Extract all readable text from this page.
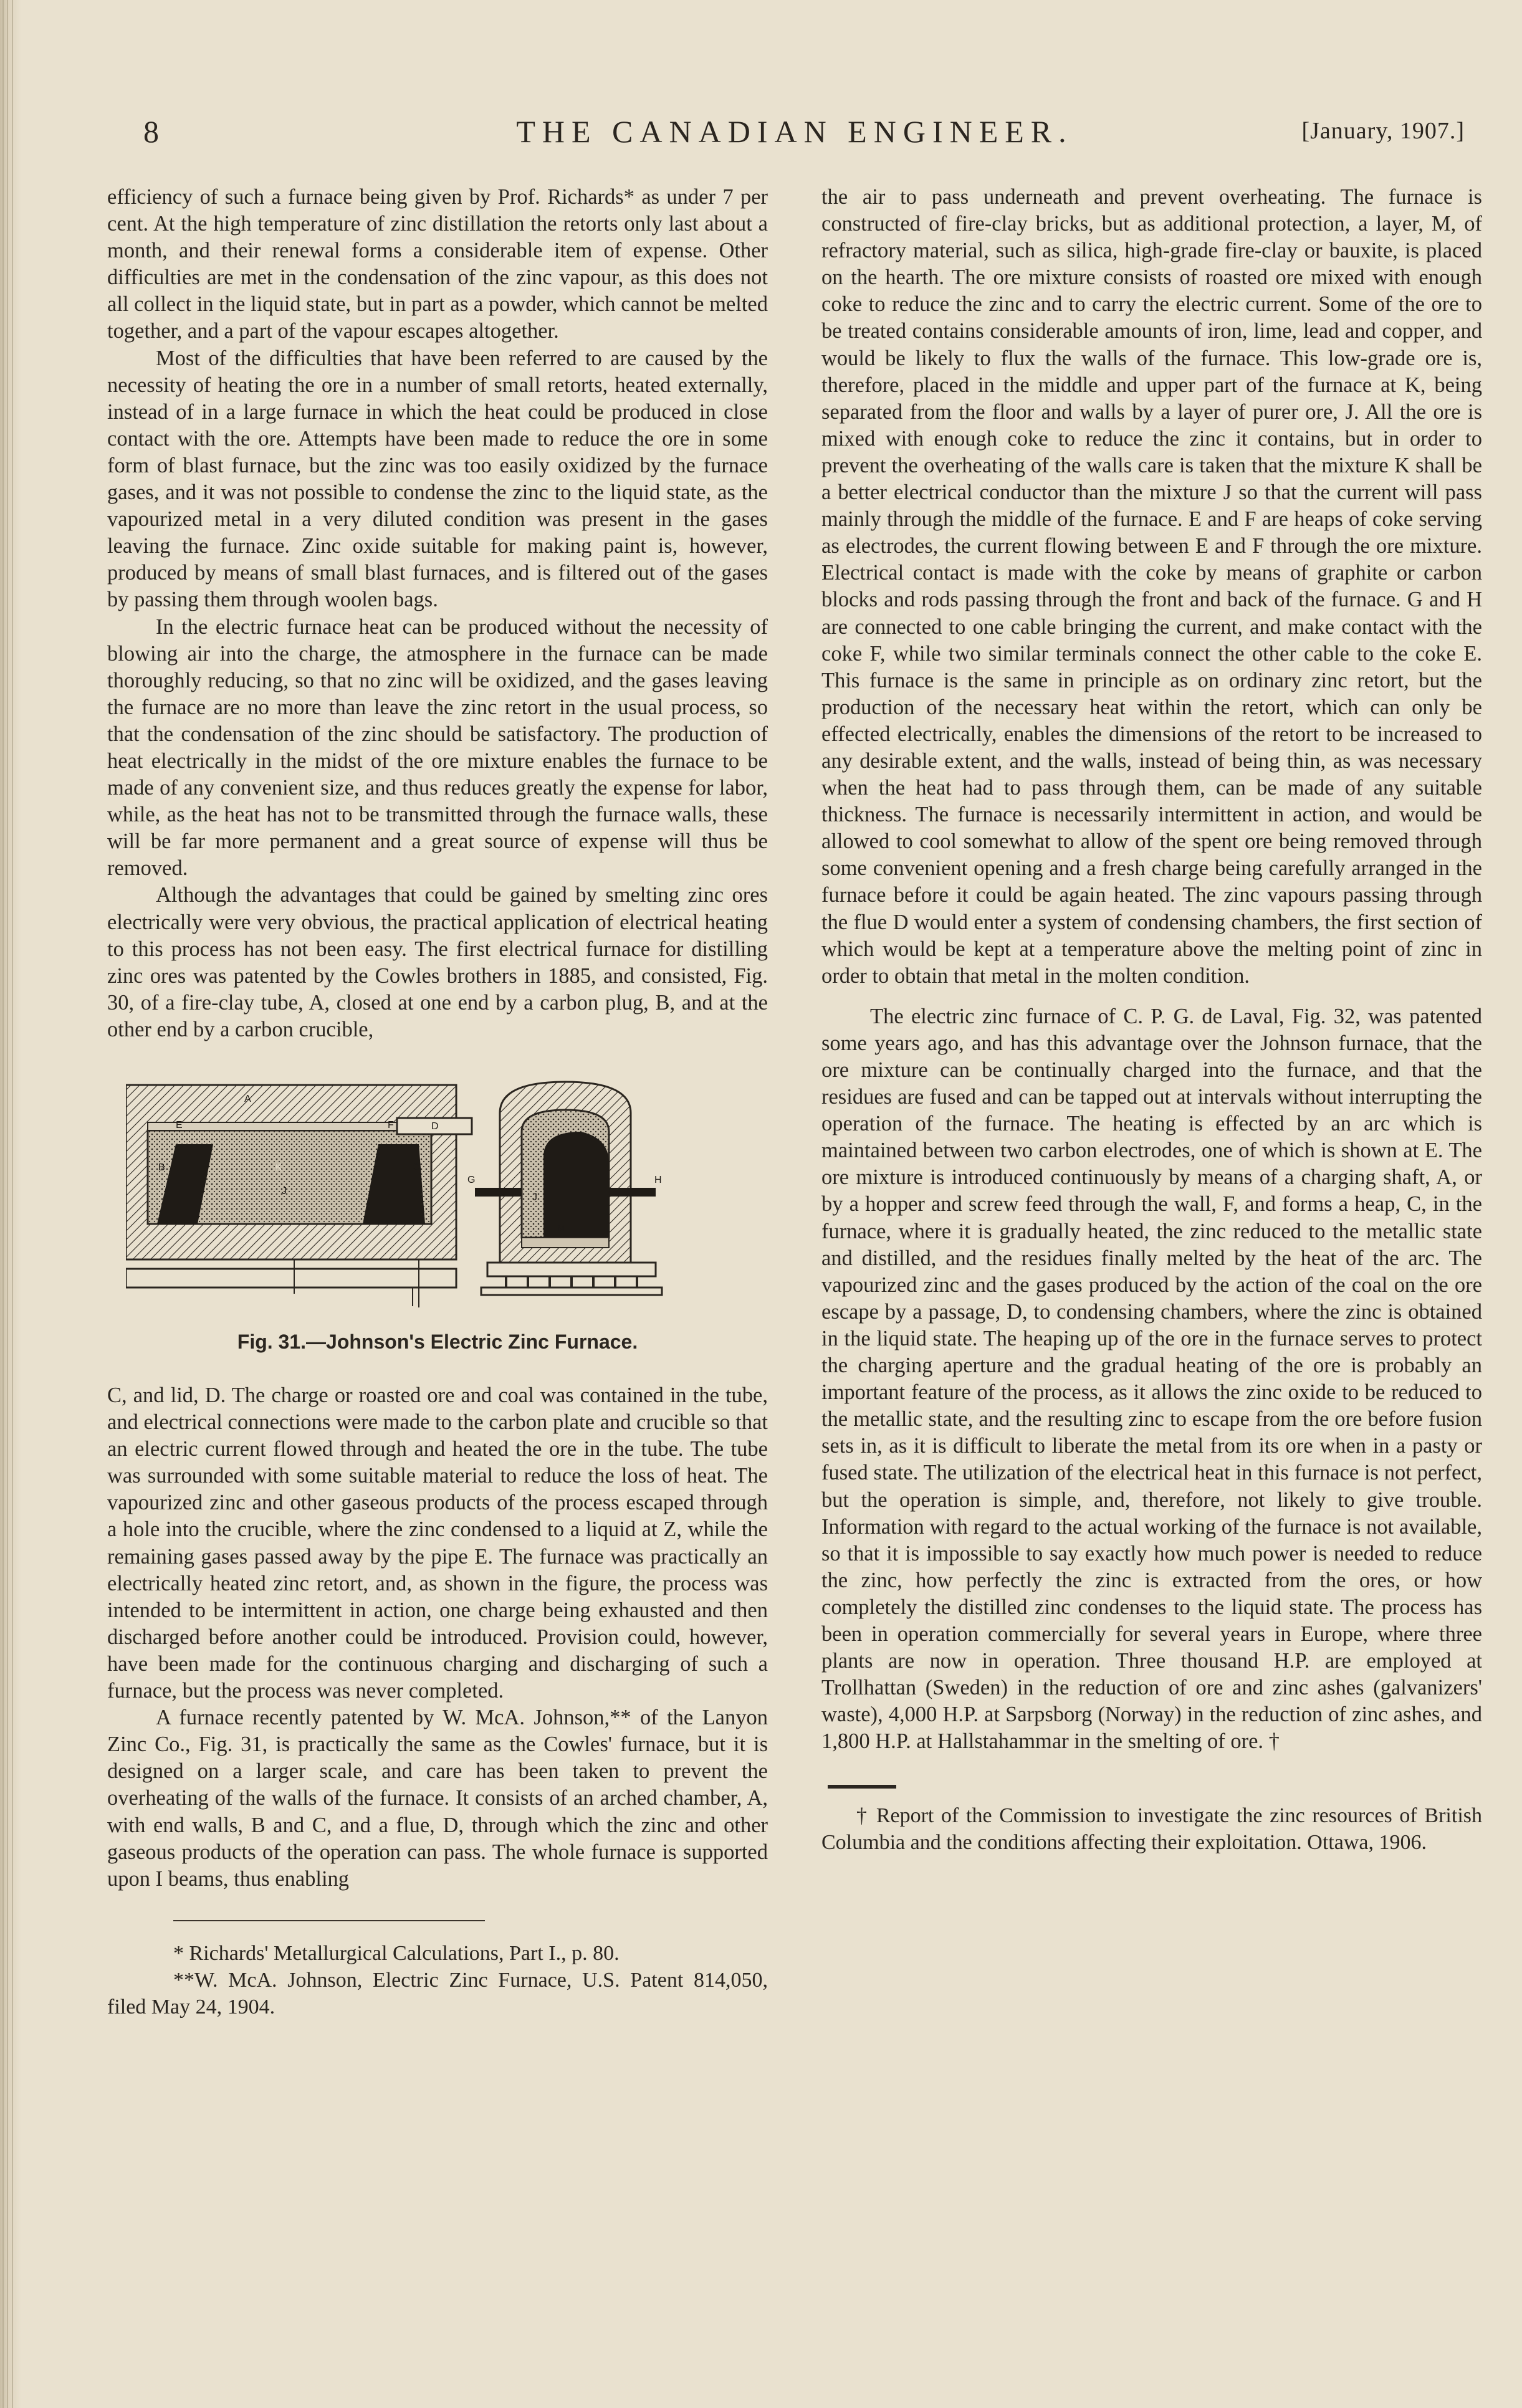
8	THE CANADIAN ENGINEER.	[January, 1907.]

efficiency of such a furnace being given by Prof. Richards* as under 7 per cent. At the high temperature of zinc distillation the retorts only last about a month, and their renewal forms a considerable item of expense. Other difficulties are met in the condensation of the zinc vapour, as this does not all collect in the liquid state, but in part as a powder, which cannot be melted together, and a part of the vapour escapes altogether.

Most of the difficulties that have been referred to are caused by the necessity of heating the ore in a number of small retorts, heated externally, instead of in a large furnace in which the heat could be produced in close contact with the ore. Attempts have been made to reduce the ore in some form of blast furnace, but the zinc was too easily oxidized by the furnace gases, and it was not possible to condense the zinc to the liquid state, as the vapourized metal in a very diluted condition was present in the gases leaving the furnace. Zinc oxide suitable for making paint is, however, produced by means of small blast furnaces, and is filtered out of the gases by passing them through woolen bags.

In the electric furnace heat can be produced without the necessity of blowing air into the charge, the atmosphere in the furnace can be made thoroughly reducing, so that no zinc will be oxidized, and the gases leaving the furnace are no more than leave the zinc retort in the usual process, so that the condensation of the zinc should be satisfactory. The production of heat electrically in the midst of the ore mixture enables the furnace to be made of any convenient size, and thus reduces greatly the expense for labor, while, as the heat has not to be transmitted through the furnace walls, these will be far more permanent and a great source of expense will thus be removed.

Although the advantages that could be gained by smelting zinc ores electrically were very obvious, the practical application of electrical heating to this process has not been easy. The first electrical furnace for distilling zinc ores was patented by the Cowles brothers in 1885, and consisted, Fig. 30, of a fire-clay tube, A, closed at one end by a carbon plug, B, and at the other end by a carbon crucible,

A
B	C
D
E	F
J
K
G	H
J
M
Fig. 31.—Johnson's Electric Zinc Furnace.

C, and lid, D. The charge or roasted ore and coal was contained in the tube, and electrical connections were made to the carbon plate and crucible so that an electric current flowed through and heated the ore in the tube. The tube was surrounded with some suitable material to reduce the loss of heat. The vapourized zinc and other gaseous products of the process escaped through a hole into the crucible, where the zinc condensed to a liquid at Z, while the remaining gases passed away by the pipe E. The furnace was practically an electrically heated zinc retort, and, as shown in the figure, the process was intended to be intermittent in action, one charge being exhausted and then discharged before another could be introduced. Provision could, however, have been made for the continuous charging and discharging of such a furnace, but the process was never completed.

A furnace recently patented by W. McA. Johnson,** of the Lanyon Zinc Co., Fig. 31, is practically the same as the Cowles' furnace, but it is designed on a larger scale, and care has been taken to prevent the overheating of the walls of the furnace. It consists of an arched chamber, A, with end walls, B and C, and a flue, D, through which the zinc and other gaseous products of the operation can pass. The whole furnace is supported upon I beams, thus enabling

* Richards' Metallurgical Calculations, Part I., p. 80.
**W. McA. Johnson, Electric Zinc Furnace, U.S. Patent 814,050, filed May 24, 1904.

the air to pass underneath and prevent overheating. The furnace is constructed of fire-clay bricks, but as additional protection, a layer, M, of refractory material, such as silica, high-grade fire-clay or bauxite, is placed on the hearth. The ore mixture consists of roasted ore mixed with enough coke to reduce the zinc and to carry the electric current. Some of the ore to be treated contains considerable amounts of iron, lime, lead and copper, and would be likely to flux the walls of the furnace. This low-grade ore is, therefore, placed in the middle and upper part of the furnace at K, being separated from the floor and walls by a layer of purer ore, J. All the ore is mixed with enough coke to reduce the zinc it contains, but in order to prevent the overheating of the walls care is taken that the mixture K shall be a better electrical conductor than the mixture J so that the current will pass mainly through the middle of the furnace. E and F are heaps of coke serving as electrodes, the current flowing between E and F through the ore mixture. Electrical contact is made with the coke by means of graphite or carbon blocks and rods passing through the front and back of the furnace. G and H are connected to one cable bringing the current, and make contact with the coke F, while two similar terminals connect the other cable to the coke E. This furnace is the same in principle as on ordinary zinc retort, but the production of the necessary heat within the retort, which can only be effected electrically, enables the dimensions of the retort to be increased to any desirable extent, and the walls, instead of being thin, as was necessary when the heat had to pass through them, can be made of any suitable thickness. The furnace is necessarily intermittent in action, and would be allowed to cool somewhat to allow of the spent ore being removed through some convenient opening and a fresh charge being carefully arranged in the furnace before it could be again heated. The zinc vapours passing through the flue D would enter a system of condensing chambers, the first section of which would be kept at a temperature above the melting point of zinc in order to obtain that metal in the molten condition.

The electric zinc furnace of C. P. G. de Laval, Fig. 32, was patented some years ago, and has this advantage over the Johnson furnace, that the ore mixture can be continually charged into the furnace, and that the residues are fused and can be tapped out at intervals without interrupting the operation of the furnace. The heating is effected by an arc which is maintained between two carbon electrodes, one of which is shown at E. The ore mixture is introduced continuously by means of a charging shaft, A, or by a hopper and screw feed through the wall, F, and forms a heap, C, in the furnace, where it is gradually heated, the zinc reduced to the metallic state and distilled, and the residues finally melted by the heat of the arc. The vapourized zinc and the gases produced by the action of the coal on the ore escape by a passage, D, to condensing chambers, where the zinc is obtained in the liquid state. The heaping up of the ore in the furnace serves to protect the charging aperture and the gradual heating of the ore is probably an important feature of the process, as it allows the zinc oxide to be reduced to the metallic state, and the resulting zinc to escape from the ore before fusion sets in, as it is difficult to liberate the metal from its ore when in a pasty or fused state. The utilization of the electrical heat in this furnace is not perfect, but the operation is simple, and, therefore, not likely to give trouble. Information with regard to the actual working of the furnace is not available, so that it is impossible to say exactly how much power is needed to reduce the zinc, how perfectly the zinc is extracted from the ores, or how completely the distilled zinc condenses to the liquid state. The process has been in operation commercially for several years in Europe, where three plants are now in operation. Three thousand H.P. are employed at Trollhattan (Sweden) in the reduction of ore and zinc ashes (galvanizers' waste), 4,000 H.P. at Sarpsborg (Norway) in the reduction of zinc ashes, and 1,800 H.P. at Hallstahammar in the smelting of ore. †

† Report of the Commission to investigate the zinc resources of British Columbia and the conditions affecting their exploitation. Ottawa, 1906.
